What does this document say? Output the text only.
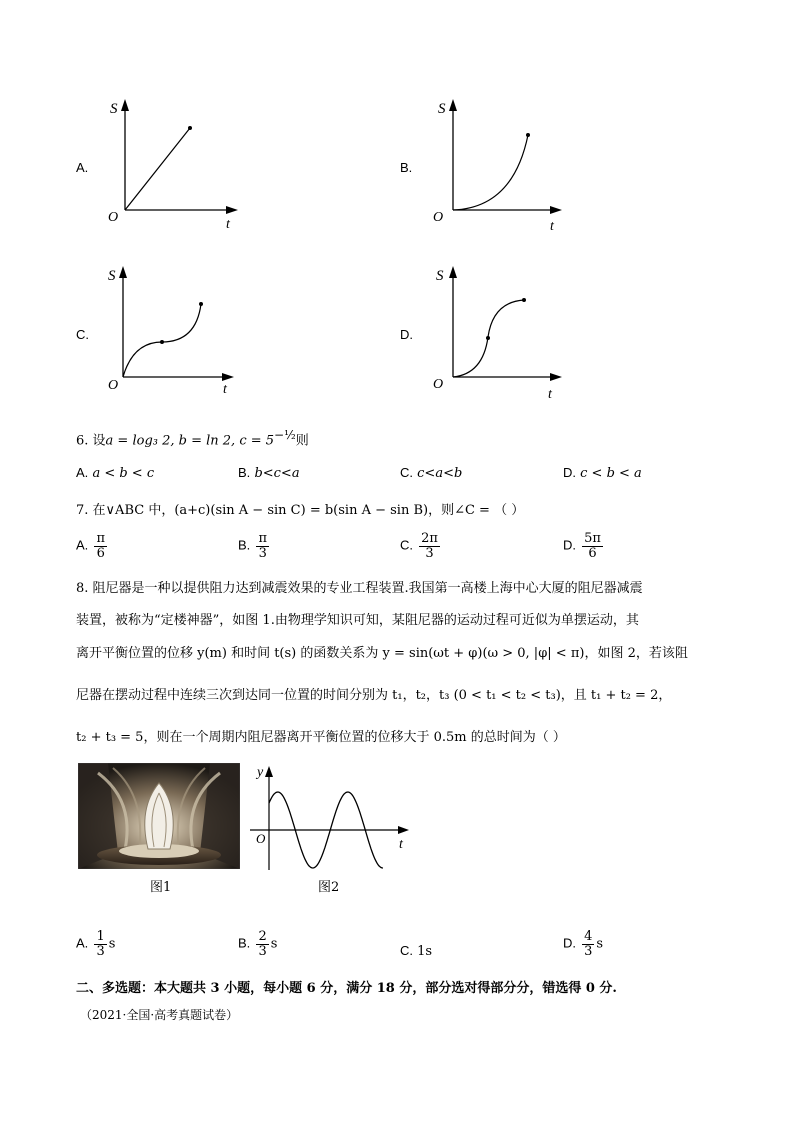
A.
S
O	t
B.
S
O
t
C.
S
O	t
D.
S
O
t
6. 设a = log₃ 2, b = ln 2, $c = 5^{-\frac{1}{2}}$则
A. a < b < c	B. b<c<a	C. c<a<b	D. c < b < a
7. 在∨ABC 中，(a+c)(sin A − sin C) = b(sin A − sin B)，则∠C = （ ）
A. $\frac{\pi}{6}$	B. $\frac{\pi}{3}$	C. $\frac{2\pi}{3}$	D. $\frac{5\pi}{6}$
8. 阻尼器是一种以提供阻力达到减震效果的专业工程装置.我国第一高楼上海中心大厦的阻尼器减震
装置，被称为“定楼神器”，如图 1.由物理学知识可知，某阻尼器的运动过程可近似为单摆运动，其
离开平衡位置的位移 y(m) 和时间 t(s) 的函数关系为 y = sin(ωt + φ)(ω > 0, |φ| < π)，如图 2，若该阻
尼器在摆动过程中连续三次到达同一位置的时间分别为 t₁，t₂，t₃ (0 < t₁ < t₂ < t₃)，且 t₁ + t₂ = 2，
t₂ + t₃ = 5，则在一个周期内阻尼器离开平衡位置的位移大于 0.5m 的总时间为（ ）
图1
y
O	t
图2
A. $\frac{1}{3}$ s	B. $\frac{2}{3}$ s	C. 1s
D. $\frac{4}{3}$ s
二、多选题：本大题共 3 小题，每小题 6 分，满分 18 分，部分选对得部分分，错选得 0 分.
（2021·全国·高考真题试卷）
